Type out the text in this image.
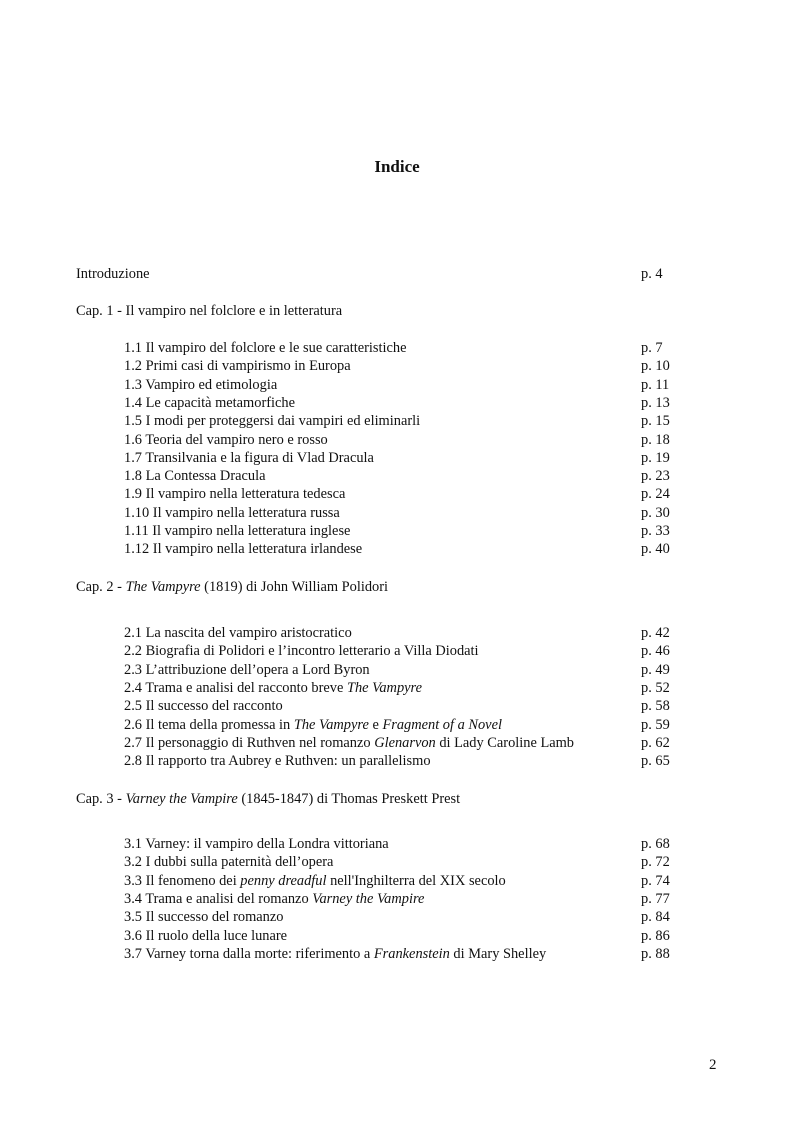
Indice
Introduzione	p. 4
Cap. 1 - Il vampiro nel folclore e in letteratura
1.1 Il vampiro del folclore e le sue caratteristiche	p. 7
1.2 Primi casi di vampirismo in Europa	p. 10
1.3 Vampiro ed etimologia	p. 11
1.4 Le capacità metamorfiche	p. 13
1.5 I modi per proteggersi dai vampiri ed eliminarli	p. 15
1.6 Teoria del vampiro nero e rosso	p. 18
1.7 Transilvania e la figura di Vlad Dracula	p. 19
1.8 La Contessa Dracula	p. 23
1.9 Il vampiro nella letteratura tedesca	p. 24
1.10 Il vampiro nella letteratura russa	p. 30
1.11 Il vampiro nella letteratura inglese	p. 33
1.12 Il vampiro nella letteratura irlandese	p. 40
Cap. 2 - The Vampyre (1819) di John William Polidori
2.1 La nascita del vampiro aristocratico	p. 42
2.2 Biografia di Polidori e l’incontro letterario a Villa Diodati	p. 46
2.3 L’attribuzione dell’opera a Lord Byron	p. 49
2.4 Trama e analisi del racconto breve The Vampyre	p. 52
2.5 Il successo del racconto	p. 58
2.6 Il tema della promessa in The Vampyre e Fragment of a Novel	p. 59
2.7 Il personaggio di Ruthven nel romanzo Glenarvon di Lady Caroline Lamb	p. 62
2.8 Il rapporto tra Aubrey e Ruthven: un parallelismo	p. 65
Cap. 3 - Varney the Vampire (1845-1847) di Thomas Preskett Prest
3.1 Varney: il vampiro della Londra vittoriana	p. 68
3.2 I dubbi sulla paternità dell’opera	p. 72
3.3 Il fenomeno dei penny dreadful nell'Inghilterra del XIX secolo	p. 74
3.4 Trama e analisi del romanzo Varney the Vampire	p. 77
3.5 Il successo del romanzo	p. 84
3.6 Il ruolo della luce lunare	p. 86
3.7 Varney torna dalla morte: riferimento a Frankenstein di Mary Shelley	p. 88
2
